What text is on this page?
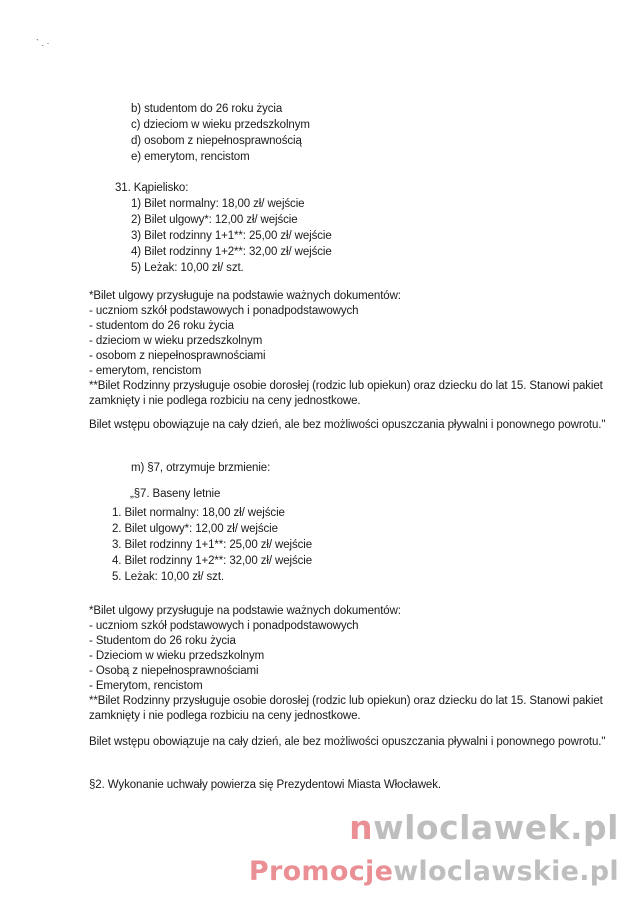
` . ·
b) studentom do 26 roku życia
c) dzieciom w wieku przedszkolnym
d) osobom z niepełnosprawnością
e) emerytom, rencistom
31. Kąpielisko:
1) Bilet normalny: 18,00 zł/ wejście
2) Bilet ulgowy*: 12,00 zł/ wejście
3) Bilet rodzinny 1+1**: 25,00 zł/ wejście
4) Bilet rodzinny 1+2**: 32,00 zł/ wejście
5) Leżak: 10,00 zł/ szt.
*Bilet ulgowy przysługuje na podstawie ważnych dokumentów:
- uczniom szkół podstawowych i ponadpodstawowych
- studentom do 26 roku życia
- dzieciom w wieku przedszkolnym
- osobom z niepełnosprawnościami
- emerytom, rencistom
**Bilet Rodzinny przysługuje osobie dorosłej (rodzic lub opiekun) oraz dziecku do lat 15. Stanowi pakiet
zamknięty i nie podlega rozbiciu na ceny jednostkowe.
Bilet wstępu obowiązuje na cały dzień, ale bez możliwości opuszczania pływalni i ponownego powrotu."
m) §7, otrzymuje brzmienie:
„§7. Baseny letnie
1. Bilet normalny: 18,00 zł/ wejście
2. Bilet ulgowy*: 12,00 zł/ wejście
3. Bilet rodzinny 1+1**: 25,00 zł/ wejście
4. Bilet rodzinny 1+2**: 32,00 zł/ wejście
5. Leżak: 10,00 zł/ szt.
*Bilet ulgowy przysługuje na podstawie ważnych dokumentów:
- uczniom szkół podstawowych i ponadpodstawowych
- Studentom do 26 roku życia
- Dzieciom w wieku przedszkolnym
- Osobą z niepełnosprawnościami
- Emerytom, rencistom
**Bilet Rodzinny przysługuje osobie dorosłej (rodzic lub opiekun) oraz dziecku do lat 15. Stanowi pakiet
zamknięty i nie podlega rozbiciu na ceny jednostkowe.
Bilet wstępu obowiązuje na cały dzień, ale bez możliwości opuszczania pływalni i ponownego powrotu."
§2. Wykonanie uchwały powierza się Prezydentowi Miasta Włocławek.
nwloclawek.pl
Promocjewloclawskie.pl
